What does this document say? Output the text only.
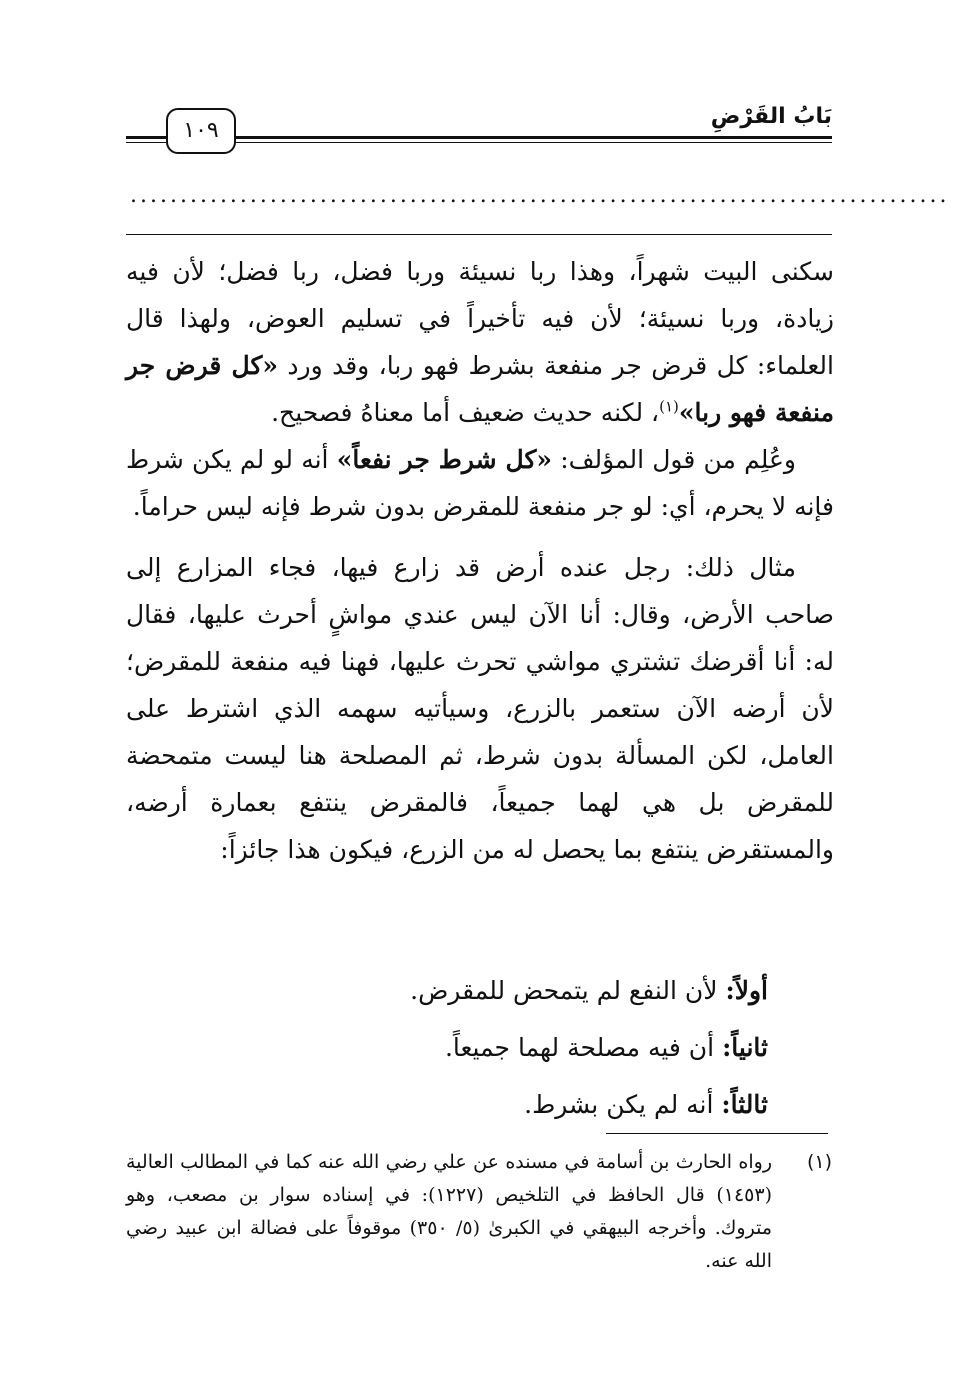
بَابُ القَرْضِ
١٠٩
..................................................................................

سكنى البيت شهراً، وهذا ربا نسيئة وربا فضل، ربا فضل؛ لأن فيه زيادة، وربا نسيئة؛ لأن فيه تأخيراً في تسليم العوض، ولهذا قال العلماء: كل قرض جر منفعة بشرط فهو ربا، وقد ورد «كل قرض جر منفعة فهو ربا»$^{(١)}$، لكنه حديث ضعيف أما معناهُ فصحيح.

وعُلِم من قول المؤلف: «كل شرط جر نفعاً» أنه لو لم يكن شرط فإنه لا يحرم، أي: لو جر منفعة للمقرض بدون شرط فإنه ليس حراماً.

مثال ذلك: رجل عنده أرض قد زارع فيها، فجاء المزارع إلى صاحب الأرض، وقال: أنا الآن ليس عندي مواشٍ أحرث عليها، فقال له: أنا أقرضك تشتري مواشي تحرث عليها، فهنا فيه منفعة للمقرض؛ لأن أرضه الآن ستعمر بالزرع، وسيأتيه سهمه الذي اشترط على العامل، لكن المسألة بدون شرط، ثم المصلحة هنا ليست متمحضة للمقرض بل هي لهما جميعاً، فالمقرض ينتفع بعمارة أرضه، والمستقرض ينتفع بما يحصل له من الزرع، فيكون هذا جائزاً:

أولاً: لأن النفع لم يتمحض للمقرض.
ثانياً: أن فيه مصلحة لهما جميعاً.
ثالثاً: أنه لم يكن بشرط.
(١)
رواه الحارث بن أسامة في مسنده عن علي رضي الله عنه كما في المطالب العالية (١٤٥٣) قال الحافظ في التلخيص (١٢٢٧): في إسناده سوار بن مصعب، وهو متروك. وأخرجه البيهقي في الكبرىٰ (٥/ ٣٥٠) موقوفاً على فضالة ابن عبيد رضي الله عنه.
